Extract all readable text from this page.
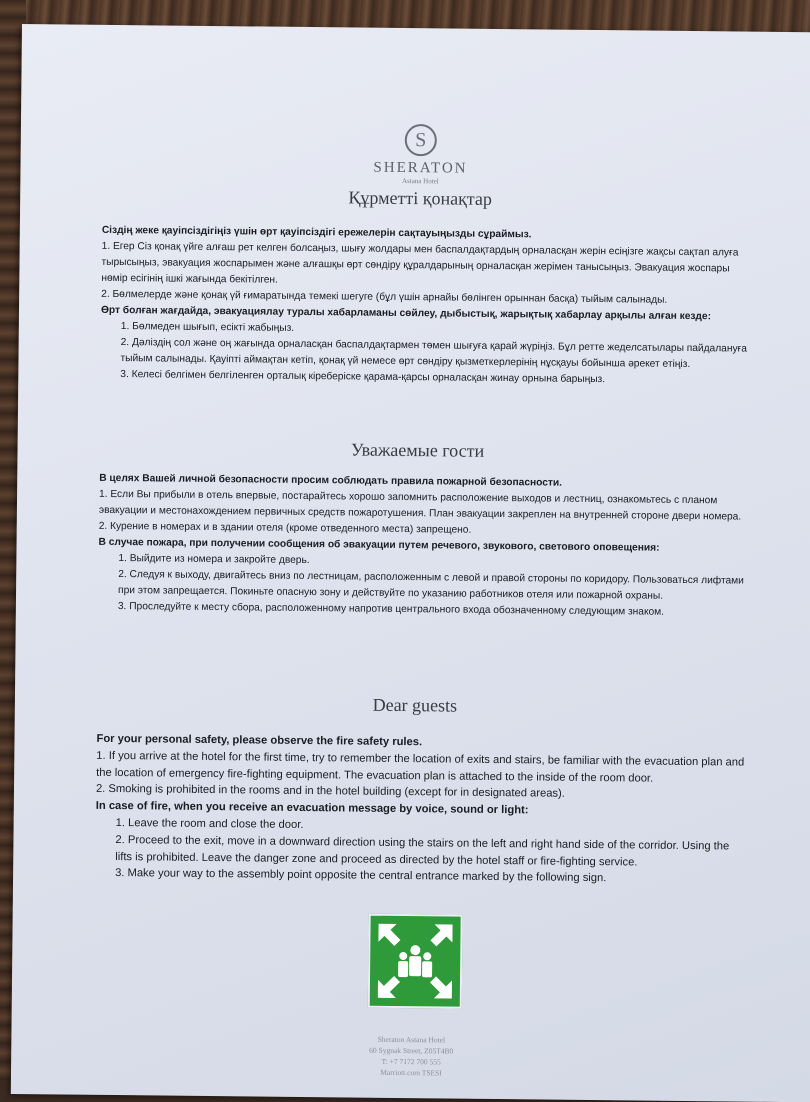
S
SHERATON
Astana Hotel
Құрметті қонақтар

Сіздің жеке қауіпсіздігіңіз үшін өрт қауіпсіздігі ережелерін сақтауыңызды сұраймыз.

1. Егер Сіз қонақ үйге алғаш рет келген болсаңыз, шығу жолдары мен баспалдақтардың орналасқан жерін есіңізге жақсы сақтап алуға тырысыңыз, эвакуация жоспарымен және алғашқы өрт сөндіру құралдарының орналасқан жерімен танысыңыз. Эвакуация жоспары нөмір есігінің ішкі жағында бекітілген.

2. Бөлмелерде және қонақ үй ғимаратында темекі шегуге (бұл үшін арнайы бөлінген орыннан басқа) тыйым салынады.

Өрт болған жағдайда, эвакуациялау туралы хабарламаны сөйлеу, дыбыстық, жарықтық хабарлау арқылы алған кезде:

1. Бөлмеден шығып, есікті жабыңыз.

2. Дәліздің сол және оң жағында орналасқан баспалдақтармен төмен шығуға қарай жүріңіз. Бұл ретте жеделсатылары пайдалануға тыйым салынады. Қауіпті аймақтан кетіп, қонақ үй немесе өрт сөндіру қызметкерлерінің нұсқауы бойынша әрекет етіңіз.

3. Келесі белгімен белгіленген орталық кіреберіске қарама-қарсы орналасқан жинау орнына барыңыз.

Уважаемые гости

В целях Вашей личной безопасности просим соблюдать правила пожарной безопасности.

1. Если Вы прибыли в отель впервые, постарайтесь хорошо запомнить расположение выходов и лестниц, ознакомьтесь с планом эвакуации и местонахождением первичных средств пожаротушения. План эвакуации закреплен на внутренней стороне двери номера.

2. Курение в номерах и в здании отеля (кроме отведенного места) запрещено.

В случае пожара, при получении сообщения об эвакуации путем речевого, звукового, светового оповещения:

1. Выйдите из номера и закройте дверь.

2. Следуя к выходу, двигайтесь вниз по лестницам, расположенным с левой и правой стороны по коридору. Пользоваться лифтами при этом запрещается. Покиньте опасную зону и действуйте по указанию работников отеля или пожарной охраны.

3. Проследуйте к месту сбора, расположенному напротив центрального входа обозначенному следующим знаком.

Dear guests

For your personal safety, please observe the fire safety rules.

1. If you arrive at the hotel for the first time, try to remember the location of exits and stairs, be familiar with the evacuation plan and the location of emergency fire-fighting equipment. The evacuation plan is attached to the inside of the room door.

2. Smoking is prohibited in the rooms and in the hotel building (except for in designated areas).

In case of fire, when you receive an evacuation message by voice, sound or light:

1. Leave the room and close the door.

2. Proceed to the exit, move in a downward direction using the stairs on the left and right hand side of the corridor. Using the lifts is prohibited. Leave the danger zone and proceed as directed by the hotel staff or fire-fighting service.

3. Make your way to the assembly point opposite the central entrance marked by the following sign.

Sheraton Astana Hotel
60 Sygnak Street, Z05T4B0
T: +7 7172 700 555
Marriott.com TSESI
